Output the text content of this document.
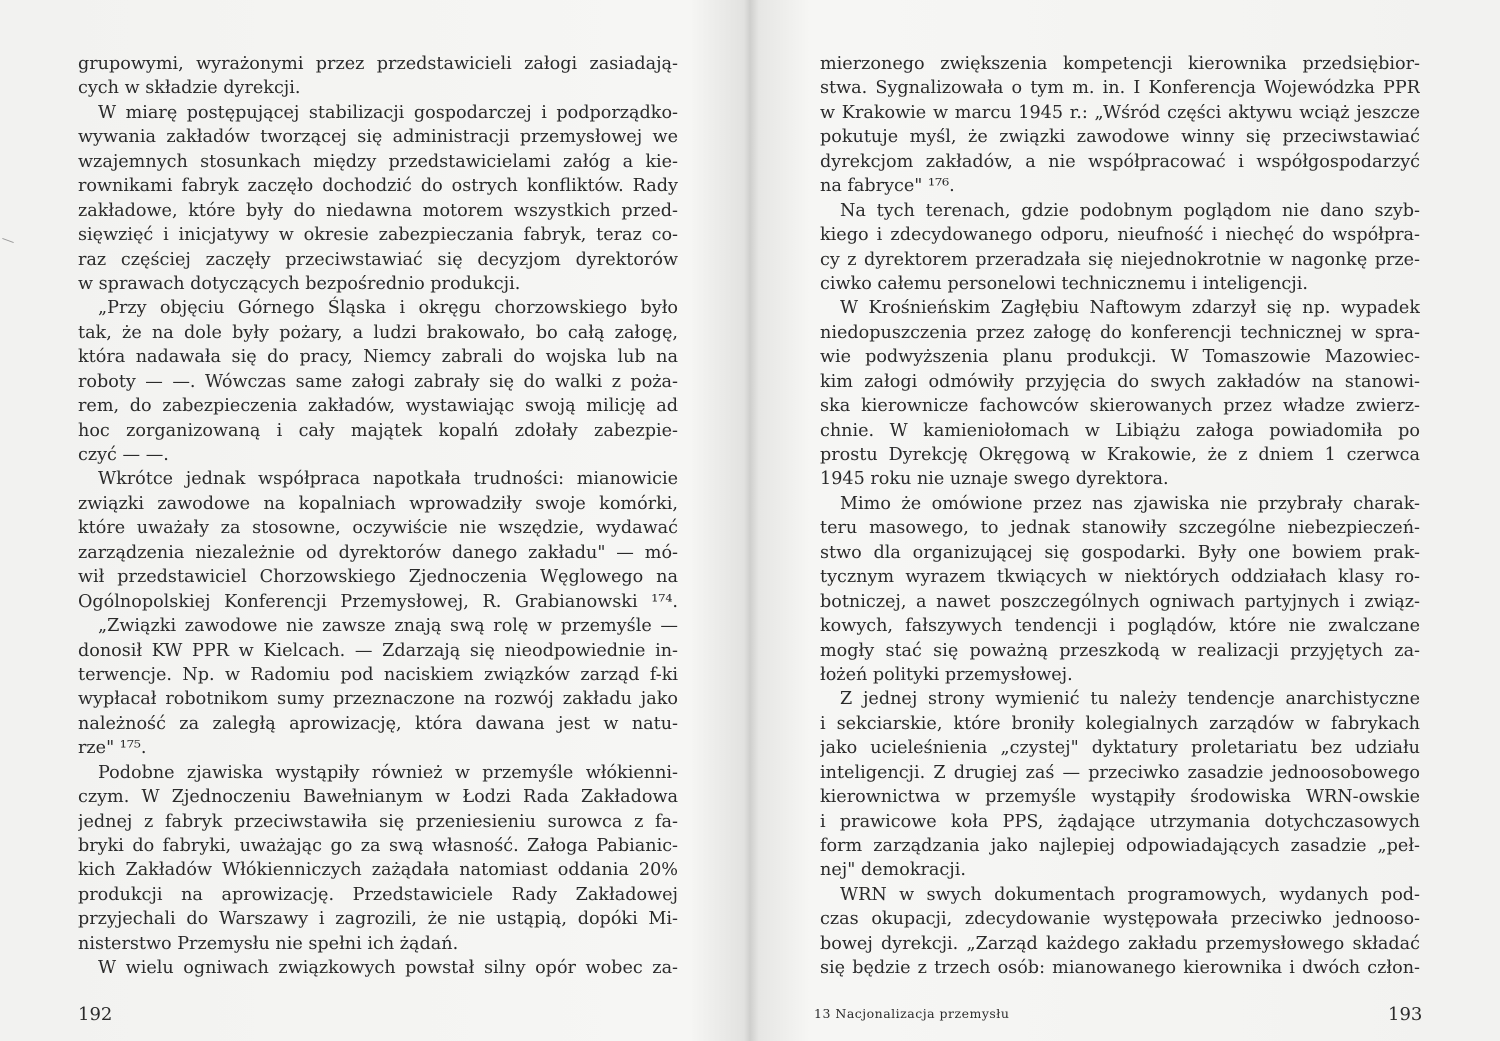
grupowymi, wyrażonymi przez przedstawicieli załogi zasiadają-
cych w składzie dyrekcji.
W miarę postępującej stabilizacji gospodarczej i podporządko-
wywania zakładów tworzącej się administracji przemysłowej we
wzajemnych stosunkach między przedstawicielami załóg a kie-
rownikami fabryk zaczęło dochodzić do ostrych konfliktów. Rady
zakładowe, które były do niedawna motorem wszystkich przed-
sięwzięć i inicjatywy w okresie zabezpieczania fabryk, teraz co-
raz częściej zaczęły przeciwstawiać się decyzjom dyrektorów
w sprawach dotyczących bezpośrednio produkcji.
„Przy objęciu Górnego Śląska i okręgu chorzowskiego było
tak, że na dole były pożary, a ludzi brakowało, bo całą załogę,
która nadawała się do pracy, Niemcy zabrali do wojska lub na
roboty — —. Wówczas same załogi zabrały się do walki z poża-
rem, do zabezpieczenia zakładów, wystawiając swoją milicję ad
hoc zorganizowaną i cały majątek kopalń zdołały zabezpie-
czyć — —.
Wkrótce jednak współpraca napotkała trudności: mianowicie
związki zawodowe na kopalniach wprowadziły swoje komórki,
które uważały za stosowne, oczywiście nie wszędzie, wydawać
zarządzenia niezależnie od dyrektorów danego zakładu" — mó-
wił przedstawiciel Chorzowskiego Zjednoczenia Węglowego na
Ogólnopolskiej Konferencji Przemysłowej, R. Grabianowski ¹⁷⁴.
„Związki zawodowe nie zawsze znają swą rolę w przemyśle —
donosił KW PPR w Kielcach. — Zdarzają się nieodpowiednie in-
terwencje. Np. w Radomiu pod naciskiem związków zarząd f-ki
wypłacał robotnikom sumy przeznaczone na rozwój zakładu jako
należność za zaległą aprowizację, która dawana jest w natu-
rze" ¹⁷⁵.
Podobne zjawiska wystąpiły również w przemyśle włókienni-
czym. W Zjednoczeniu Bawełnianym w Łodzi Rada Zakładowa
jednej z fabryk przeciwstawiła się przeniesieniu surowca z fa-
bryki do fabryki, uważając go za swą własność. Załoga Pabianic-
kich Zakładów Włókienniczych zażądała natomiast oddania 20%
produkcji na aprowizację. Przedstawiciele Rady Zakładowej
przyjechali do Warszawy i zagrozili, że nie ustąpią, dopóki Mi-
nisterstwo Przemysłu nie spełni ich żądań.
W wielu ogniwach związkowych powstał silny opór wobec za-
192
mierzonego zwiększenia kompetencji kierownika przedsiębior-
stwa. Sygnalizowała o tym m. in. I Konferencja Wojewódzka PPR
w Krakowie w marcu 1945 r.: „Wśród części aktywu wciąż jeszcze
pokutuje myśl, że związki zawodowe winny się przeciwstawiać
dyrekcjom zakładów, a nie współpracować i współgospodarzyć
na fabryce" ¹⁷⁶.
Na tych terenach, gdzie podobnym poglądom nie dano szyb-
kiego i zdecydowanego odporu, nieufność i niechęć do współpra-
cy z dyrektorem przeradzała się niejednokrotnie w nagonkę prze-
ciwko całemu personelowi technicznemu i inteligencji.
W Krośnieńskim Zagłębiu Naftowym zdarzył się np. wypadek
niedopuszczenia przez załogę do konferencji technicznej w spra-
wie podwyższenia planu produkcji. W Tomaszowie Mazowiec-
kim załogi odmówiły przyjęcia do swych zakładów na stanowi-
ska kierownicze fachowców skierowanych przez władze zwierz-
chnie. W kamieniołomach w Libiążu załoga powiadomiła po
prostu Dyrekcję Okręgową w Krakowie, że z dniem 1 czerwca
1945 roku nie uznaje swego dyrektora.
Mimo że omówione przez nas zjawiska nie przybrały charak-
teru masowego, to jednak stanowiły szczególne niebezpieczeń-
stwo dla organizującej się gospodarki. Były one bowiem prak-
tycznym wyrazem tkwiących w niektórych oddziałach klasy ro-
botniczej, a nawet poszczególnych ogniwach partyjnych i związ-
kowych, fałszywych tendencji i poglądów, które nie zwalczane
mogły stać się poważną przeszkodą w realizacji przyjętych za-
łożeń polityki przemysłowej.
Z jednej strony wymienić tu należy tendencje anarchistyczne
i sekciarskie, które broniły kolegialnych zarządów w fabrykach
jako ucieleśnienia „czystej" dyktatury proletariatu bez udziału
inteligencji. Z drugiej zaś — przeciwko zasadzie jednoosobowego
kierownictwa w przemyśle wystąpiły środowiska WRN-owskie
i prawicowe koła PPS, żądające utrzymania dotychczasowych
form zarządzania jako najlepiej odpowiadających zasadzie „peł-
nej" demokracji.
WRN w swych dokumentach programowych, wydanych pod-
czas okupacji, zdecydowanie występowała przeciwko jednooso-
bowej dyrekcji. „Zarząd każdego zakładu przemysłowego składać
się będzie z trzech osób: mianowanego kierownika i dwóch człon-
13 Nacjonalizacja przemysłu	193
